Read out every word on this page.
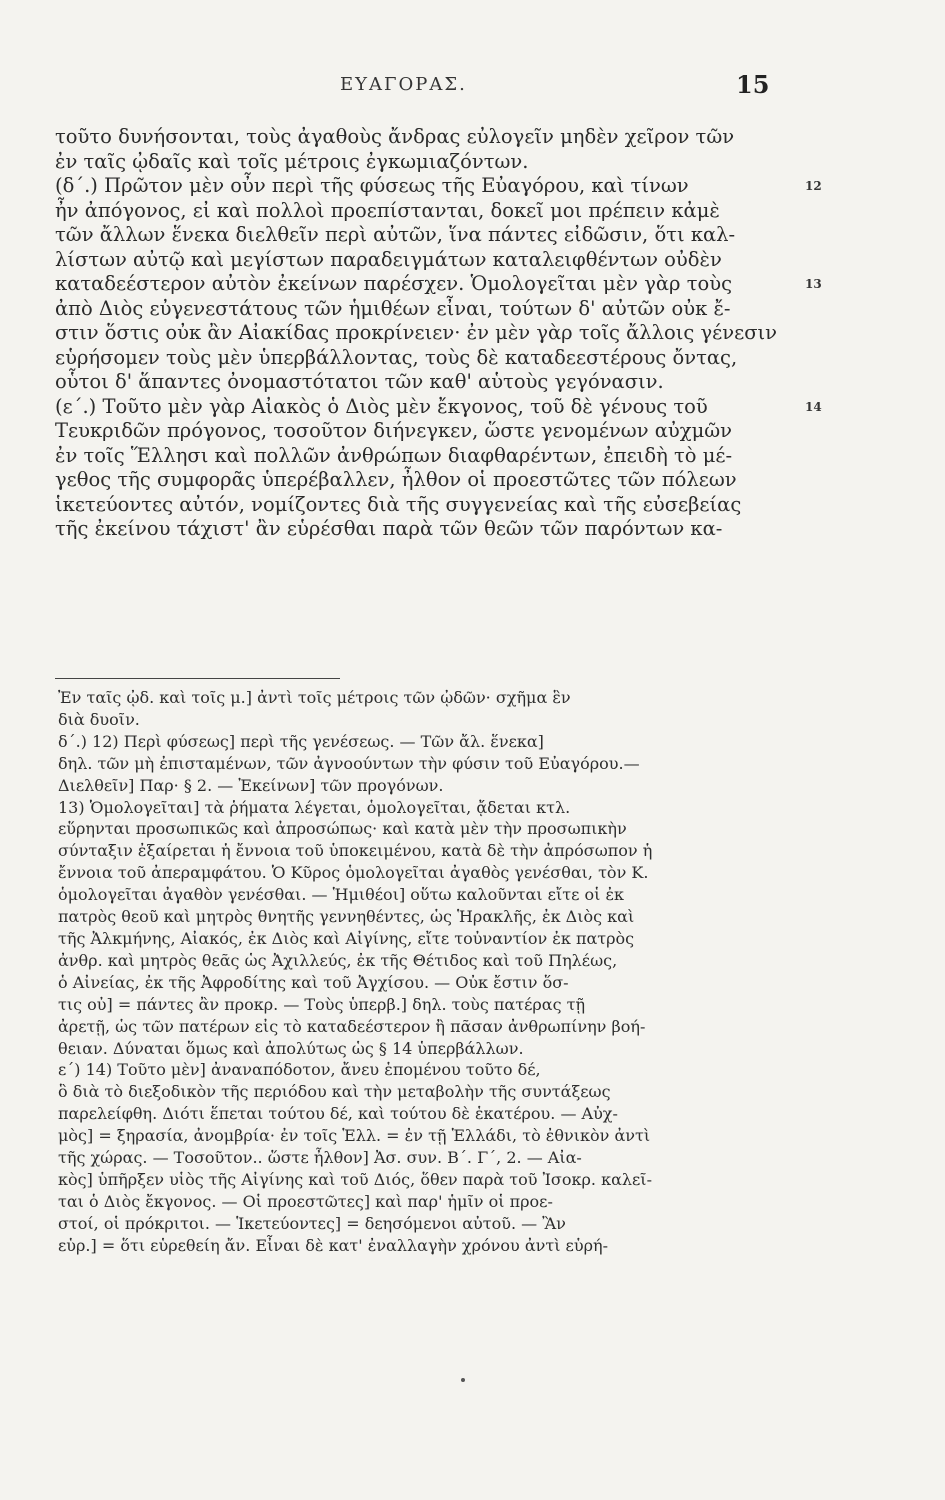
ΕΥΑΓΟΡΑΣ.	15
τοῦτο δυνήσονται, τοὺς ἀγαθοὺς ἄνδρας εὐλογεῖν μηδὲν χεῖρον τῶν
ἐν ταῖς ᾠδαῖς καὶ τοῖς μέτροις ἐγκωμιαζόντων.
(δ΄.) Πρῶτον μὲν οὖν περὶ τῆς φύσεως τῆς Εὐαγόρου, καὶ τίνων
ἦν ἀπόγονος, εἰ καὶ πολλοὶ προεπίστανται, δοκεῖ μοι πρέπειν κἀμὲ
τῶν ἄλλων ἕνεκα διελθεῖν περὶ αὐτῶν, ἵνα πάντες εἰδῶσιν, ὅτι καλ-
λίστων αὐτῷ καὶ μεγίστων παραδειγμάτων καταλειφθέντων οὐδὲν
καταδεέστερον αὐτὸν ἐκείνων παρέσχεν. Ὁμολογεῖται μὲν γὰρ τοὺς
ἀπὸ Διὸς εὐγενεστάτους τῶν ἡμιθέων εἶναι, τούτων δ' αὐτῶν οὐκ ἔ-
στιν ὅστις οὐκ ἂν Αἰακίδας προκρίνειεν· ἐν μὲν γὰρ τοῖς ἄλλοις γένεσιν
εὑρήσομεν τοὺς μὲν ὑπερβάλλοντας, τοὺς δὲ καταδεεστέρους ὄντας,
οὗτοι δ' ἅπαντες ὀνομαστότατοι τῶν καθ' αὑτοὺς γεγόνασιν.
(ε΄.) Τοῦτο μὲν γὰρ Αἰακὸς ὁ Διὸς μὲν ἔκγονος, τοῦ δὲ γένους τοῦ
Τευκριδῶν πρόγονος, τοσοῦτον διήνεγκεν, ὥστε γενομένων αὐχμῶν
ἐν τοῖς Ἕλλησι καὶ πολλῶν ἀνθρώπων διαφθαρέντων, ἐπειδὴ τὸ μέ-
γεθος τῆς συμφορᾶς ὑπερέβαλλεν, ἦλθον οἱ προεστῶτες τῶν πόλεων
ἱκετεύοντες αὐτόν, νομίζοντες διὰ τῆς συγγενείας καὶ τῆς εὐσεβείας
τῆς ἐκείνου τάχιστ' ἂν εὑρέσθαι παρὰ τῶν θεῶν τῶν παρόντων κα-
Ἐν ταῖς ᾠδ. καὶ τοῖς μ.] ἀντὶ τοῖς μέτροις τῶν ᾠδῶν· σχῆμα ἓν
διὰ δυοῖν.
δ΄.) 12) Περὶ φύσεως] περὶ τῆς γενέσεως. — Τῶν ἄλ. ἕνεκα]
δηλ. τῶν μὴ ἐπισταμένων, τῶν ἀγνοούντων τὴν φύσιν τοῦ Εὐαγόρου.—
Διελθεῖν] Παρ· § 2. — Ἐκείνων] τῶν προγόνων.
13) Ὁμολογεῖται] τὰ ῥήματα λέγεται, ὁμολογεῖται, ᾄδεται κτλ.
εὕρηνται προσωπικῶς καὶ ἀπροσώπως· καὶ κατὰ μὲν τὴν προσωπικὴν
σύνταξιν ἐξαίρεται ἡ ἔννοια τοῦ ὑποκειμένου, κατὰ δὲ τὴν ἀπρόσωπον ἡ
ἔννοια τοῦ ἀπεραμφάτου. Ὁ Κῦρος ὁμολογεῖται ἀγαθὸς γενέσθαι, τὸν Κ.
ὁμολογεῖται ἀγαθὸν γενέσθαι. — Ἡμιθέοι] οὕτω καλοῦνται εἴτε οἱ ἐκ
πατρὸς θεοῦ καὶ μητρὸς θνητῆς γεννηθέντες, ὡς Ἡρακλῆς, ἐκ Διὸς καὶ
τῆς Ἀλκμήνης, Αἰακός, ἐκ Διὸς καὶ Αἰγίνης, εἴτε τοὐναντίον ἐκ πατρὸς
ἀνθρ. καὶ μητρὸς θεᾶς ὡς Ἀχιλλεύς, ἐκ τῆς Θέτιδος καὶ τοῦ Πηλέως,
ὁ Αἰνείας, ἐκ τῆς Ἀφροδίτης καὶ τοῦ Ἀγχίσου. — Οὐκ ἔστιν ὅσ-
τις οὐ] = πάντες ἂν προκρ. — Τοὺς ὑπερβ.] δηλ. τοὺς πατέρας τῇ
ἀρετῇ, ὡς τῶν πατέρων εἰς τὸ καταδεέστερον ἢ πᾶσαν ἀνθρωπίνην βοή-
θειαν. Δύναται ὅμως καὶ ἀπολύτως ὡς § 14 ὑπερβάλλων.
ε΄) 14) Τοῦτο μὲν] ἀναναπόδοτον, ἄνευ ἑπομένου τοῦτο δέ,
ὃ διὰ τὸ διεξοδικὸν τῆς περιόδου καὶ τὴν μεταβολὴν τῆς συντάξεως
παρελείφθη. Διότι ἕπεται τούτου δέ, καὶ τούτου δὲ ἑκατέρου. — Αὐχ-
μὸς] = ξηρασία, ἀνομβρία· ἐν τοῖς Ἑλλ. = ἐν τῇ Ἑλλάδι, τὸ ἐθνικὸν ἀντὶ
τῆς χώρας. — Τοσοῦτον.. ὥστε ἦλθον] Ἀσ. συν. Β΄. Γ΄, 2. — Αἰα-
κὸς] ὑπῆρξεν υἱὸς τῆς Αἰγίνης καὶ τοῦ Διός, ὅθεν παρὰ τοῦ Ἰσοκρ. καλεῖ-
ται ὁ Διὸς ἔκγονος. — Οἱ προεστῶτες] καὶ παρ' ἡμῖν οἱ προε-
στοί, οἱ πρόκριτοι. — Ἱκετεύοντες] = δεησόμενοι αὐτοῦ. — Ἂν
εὑρ.] = ὅτι εὑρεθείη ἄν. Εἶναι δὲ κατ' ἐναλλαγὴν χρόνου ἀντὶ εὑρή-
12
13
14
